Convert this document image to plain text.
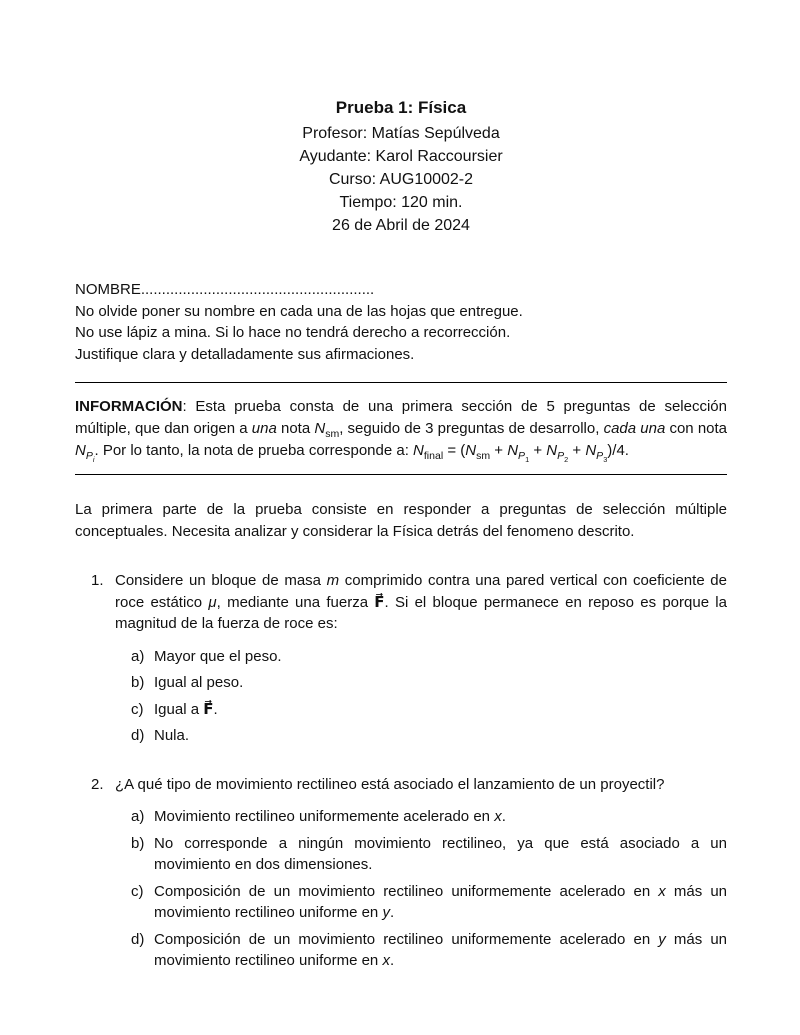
Prueba 1: Física
Profesor: Matías Sepúlveda
Ayudante: Karol Raccoursier
Curso: AUG10002-2
Tiempo: 120 min.
26 de Abril de 2024
NOMBRE........................................................
No olvide poner su nombre en cada una de las hojas que entregue.
No use lápiz a mina. Si lo hace no tendrá derecho a recorrección.
Justifique clara y detalladamente sus afirmaciones.

INFORMACIÓN: Esta prueba consta de una primera sección de 5 preguntas de selección múltiple, que dan origen a una nota $N_{sm}$, seguido de 3 preguntas de desarrollo, cada una con nota $N_{P_i}$. Por lo tanto, la nota de prueba corresponde a: $N_{final} = (N_{sm} + N_{P_1} + N_{P_2} + N_{P_3})/4$.

La primera parte de la prueba consiste en responder a preguntas de selección múltiple conceptuales. Necesita analizar y considerar la Física detrás del fenomeno descrito.

1. Considere un bloque de masa m comprimido contra una pared vertical con coeficiente de roce estático μ, mediante una fuerza F⃗. Si el bloque permanece en reposo es porque la magnitud de la fuerza de roce es:
a) Mayor que el peso.
b) Igual al peso.
c) Igual a F⃗.
d) Nula.
2. ¿A qué tipo de movimiento rectilineo está asociado el lanzamiento de un proyectil?
a) Movimiento rectilineo uniformemente acelerado en x.
b) No corresponde a ningún movimiento rectilineo, ya que está asociado a un movimiento en dos dimensiones.
c) Composición de un movimiento rectilineo uniformemente acelerado en x más un movimiento rectilineo uniforme en y.
d) Composición de un movimiento rectilineo uniformemente acelerado en y más un movimiento rectilineo uniforme en x.
